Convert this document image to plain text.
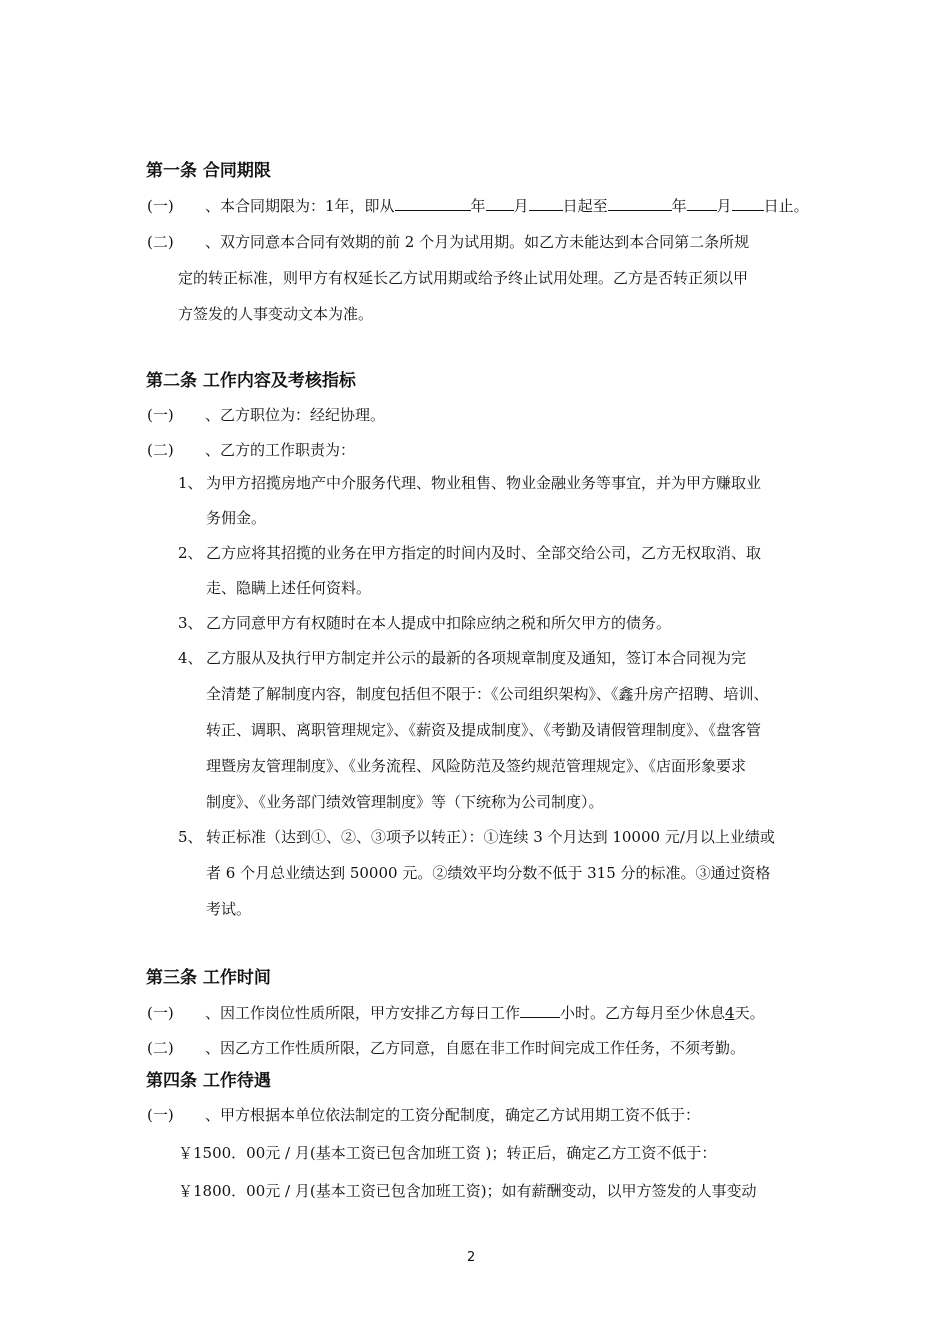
第一条 合同期限
(一) 、本合同期限为：1年，即从	年 月 日起至	年 月 日止。
(二) 、双方同意本合同有效期的前 2 个月为试用期。如乙方未能达到本合同第二条所规
定的转正标准，则甲方有权延长乙方试用期或给予终止试用处理。乙方是否转正须以甲
方签发的人事变动文本为准。
第二条 工作内容及考核指标
(一) 、乙方职位为：经纪协理。
(二) 、乙方的工作职责为：
1、 为甲方招揽房地产中介服务代理、物业租售、物业金融业务等事宜，并为甲方赚取业
务佣金。
2、 乙方应将其招揽的业务在甲方指定的时间内及时、全部交给公司，乙方无权取消、取
走、隐瞒上述任何资料。
3、 乙方同意甲方有权随时在本人提成中扣除应纳之税和所欠甲方的债务。
4、 乙方服从及执行甲方制定并公示的最新的各项规章制度及通知，签订本合同视为完
全清楚了解制度内容，制度包括但不限于：《公司组织架构》、《鑫升房产招聘、培训、
转正、调职、离职管理规定》、《薪资及提成制度》、《考勤及请假管理制度》、《盘客管
理暨房友管理制度》、《业务流程、风险防范及签约规范管理规定》、《店面形象要求
制度》、《业务部门绩效管理制度》等（下统称为公司制度）。
5、 转正标准（达到①、②、③项予以转正）：①连续 3 个月达到 10000 元/月以上业绩或
者 6 个月总业绩达到 50000 元。②绩效平均分数不低于 315 分的标准。③通过资格
考试。
第三条 工作时间
(一) 、因工作岗位性质所限，甲方安排乙方每日工作	小时。乙方每月至少休息4天。
(二) 、因乙方工作性质所限，乙方同意，自愿在非工作时间完成工作任务，不须考勤。
第四条 工作待遇
(一) 、甲方根据本单位依法制定的工资分配制度，确定乙方试用期工资不低于：
￥1500．00元 / 月(基本工资已包含加班工资 )；转正后，确定乙方工资不低于：
￥1800．00元 / 月(基本工资已包含加班工资)；如有薪酬变动，以甲方签发的人事变动
2
